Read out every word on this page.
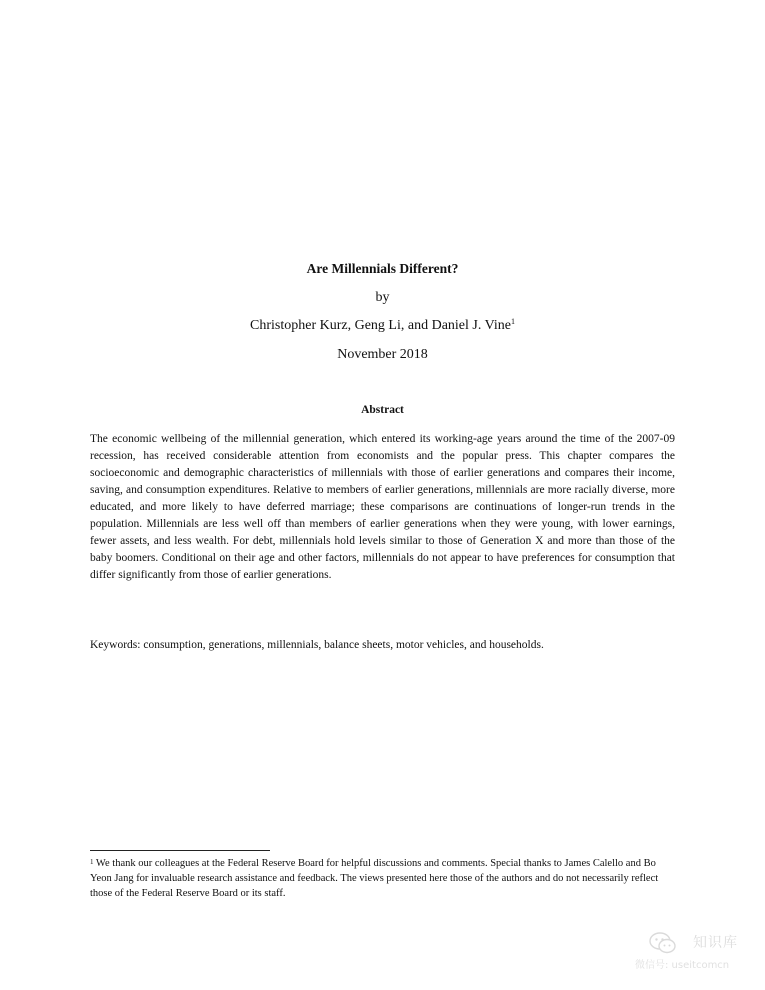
Are Millennials Different?
by
Christopher Kurz, Geng Li, and Daniel J. Vine$^1$
November 2018
Abstract

The economic wellbeing of the millennial generation, which entered its working-age years around the time of the 2007-09 recession, has received considerable attention from economists and the popular press. This chapter compares the socioeconomic and demographic characteristics of millennials with those of earlier generations and compares their income, saving, and consumption expenditures. Relative to members of earlier generations, millennials are more racially diverse, more educated, and more likely to have deferred marriage; these comparisons are continuations of longer-run trends in the population. Millennials are less well off than members of earlier generations when they were young, with lower earnings, fewer assets, and less wealth. For debt, millennials hold levels similar to those of Generation X and more than those of the baby boomers. Conditional on their age and other factors, millennials do not appear to have preferences for consumption that differ significantly from those of earlier generations.

Keywords: consumption, generations, millennials, balance sheets, motor vehicles, and households.

$^1$ We thank our colleagues at the Federal Reserve Board for helpful discussions and comments. Special thanks to James Calello and Bo Yeon Jang for invaluable research assistance and feedback. The views presented here those of the authors and do not necessarily reflect those of the Federal Reserve Board or its staff.

知识库
微信号: useitcomcn
